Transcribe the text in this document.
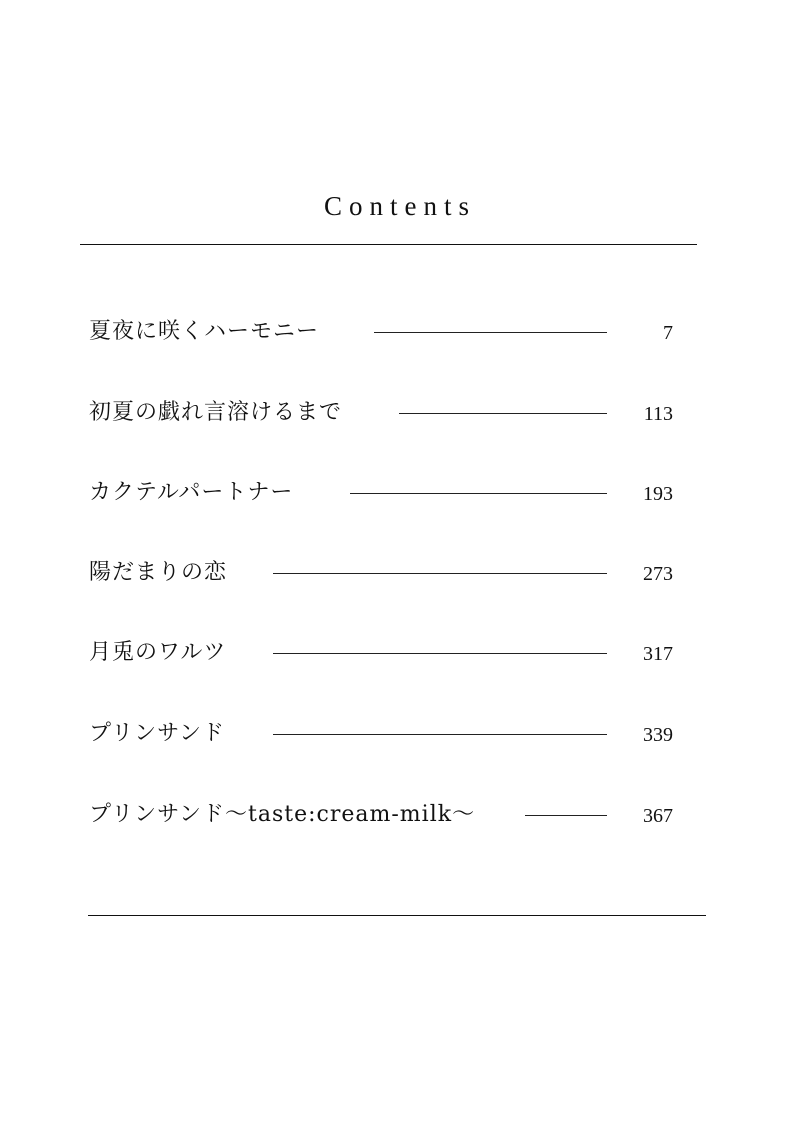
Contents
夏夜に咲くハーモニー	7
初夏の戯れ言溶けるまで	113
カクテルパートナー	193
陽だまりの恋	273
月兎のワルツ	317
プリンサンド	339
プリンサンド〜taste:cream-milk〜	367
